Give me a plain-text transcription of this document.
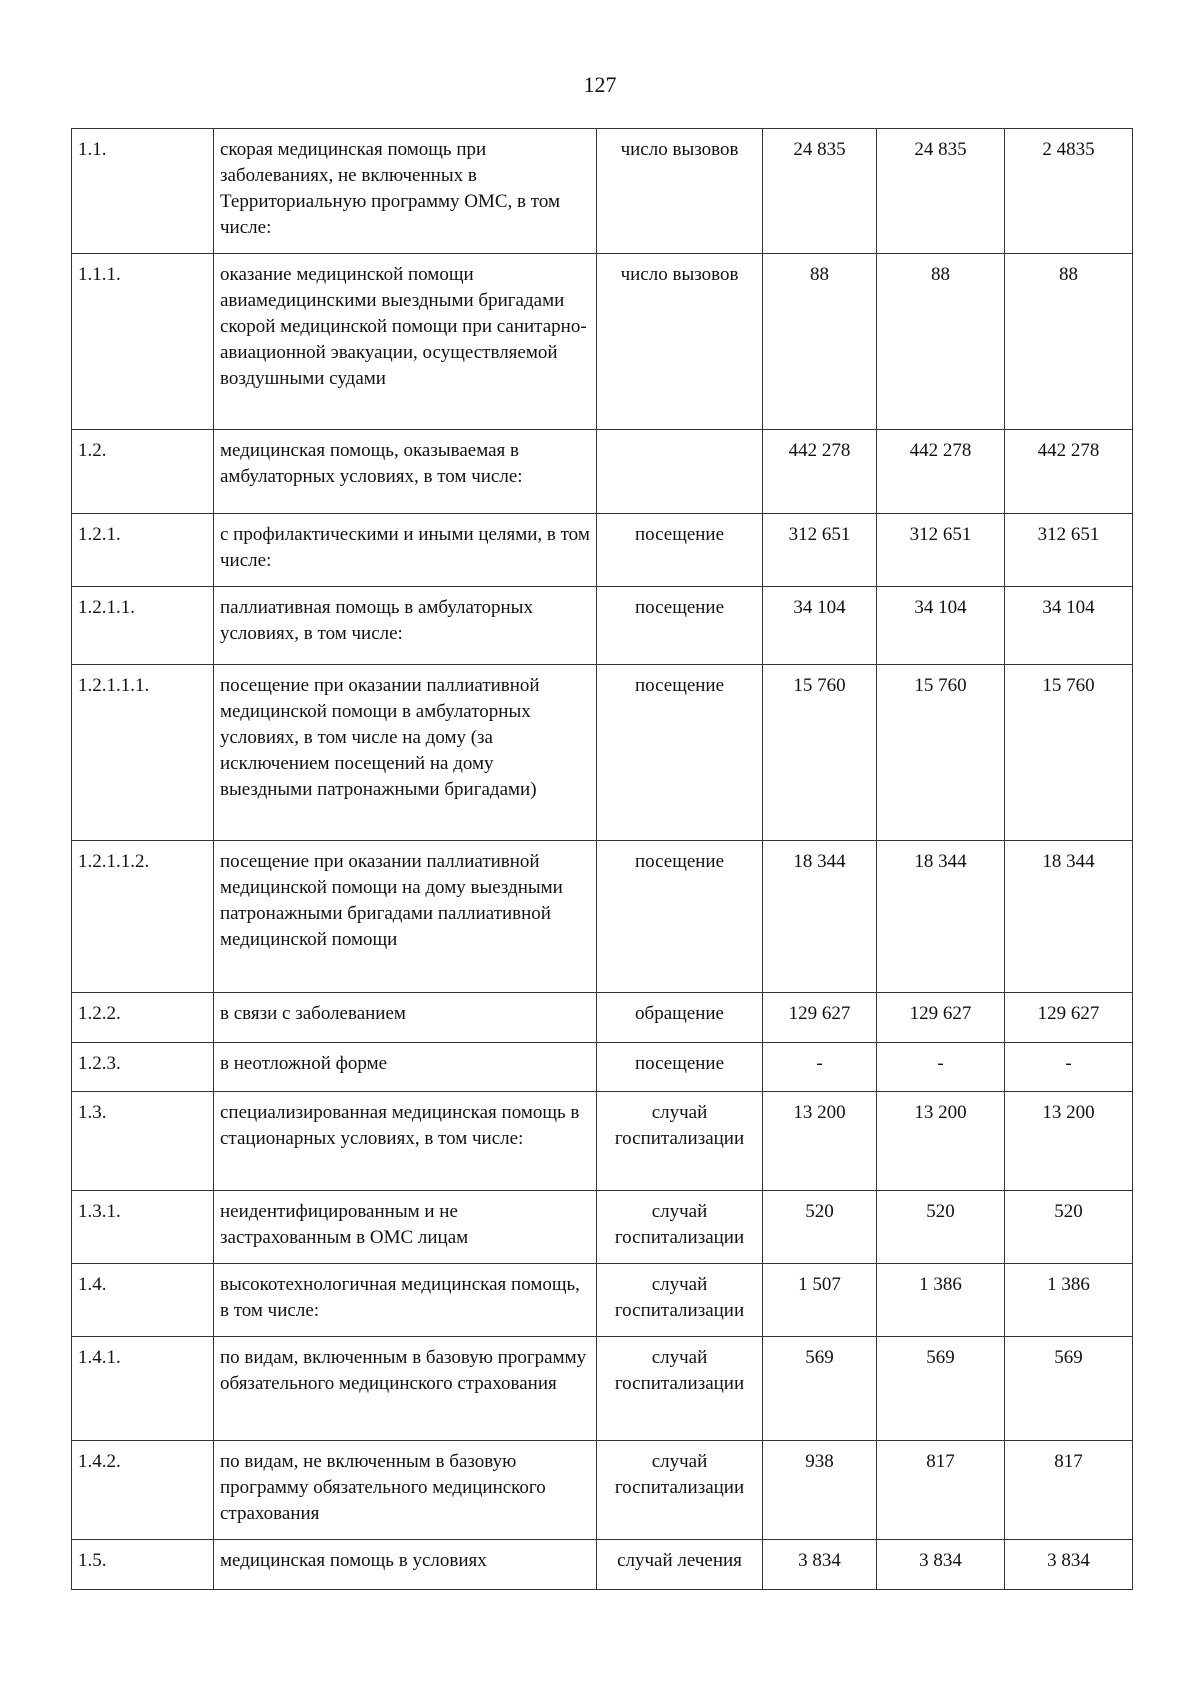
127
1.1.	скорая медицинская помощь при заболеваниях, не включенных в Территориальную программу ОМС, в том числе:	число вызовов	24 835	24 835	2 4835
1.1.1.	оказание медицинской помощи авиамедицинскими выездными бригадами скорой медицинской помощи при санитарно-авиационной эвакуации, осуществляемой воздушными судами	число вызовов	88	88	88
1.2.	медицинская помощь, оказываемая в амбулаторных условиях, в том числе:		442 278	442 278	442 278
1.2.1.	с профилактическими и иными целями, в том числе:	посещение	312 651	312 651	312 651
1.2.1.1.	паллиативная помощь в амбулаторных условиях, в том числе:	посещение	34 104	34 104	34 104
1.2.1.1.1.	посещение при оказании паллиативной медицинской помощи в амбулаторных условиях, в том числе на дому (за исключением посещений на дому выездными патронажными бригадами)	посещение	15 760	15 760	15 760
1.2.1.1.2.	посещение при оказании паллиативной медицинской помощи на дому выездными патронажными бригадами паллиативной медицинской помощи	посещение	18 344	18 344	18 344
1.2.2.	в связи с заболеванием	обращение	129 627	129 627	129 627
1.2.3.	в неотложной форме	посещение	-	-	-
1.3.	специализированная медицинская помощь в стационарных условиях, в том числе:	случай госпитализации	13 200	13 200	13 200
1.3.1.	неидентифицированным и не застрахованным в ОМС лицам	случай госпитализации	520	520	520
1.4.	высокотехнологичная медицинская помощь, в том числе:	случай госпитализации	1 507	1 386	1 386
1.4.1.	по видам, включенным в базовую программу обязательного медицинского страхования	случай госпитализации	569	569	569
1.4.2.	по видам, не включенным в базовую программу обязательного медицинского страхования	случай госпитализации	938	817	817
1.5.	медицинская помощь в условиях	случай лечения	3 834	3 834	3 834
